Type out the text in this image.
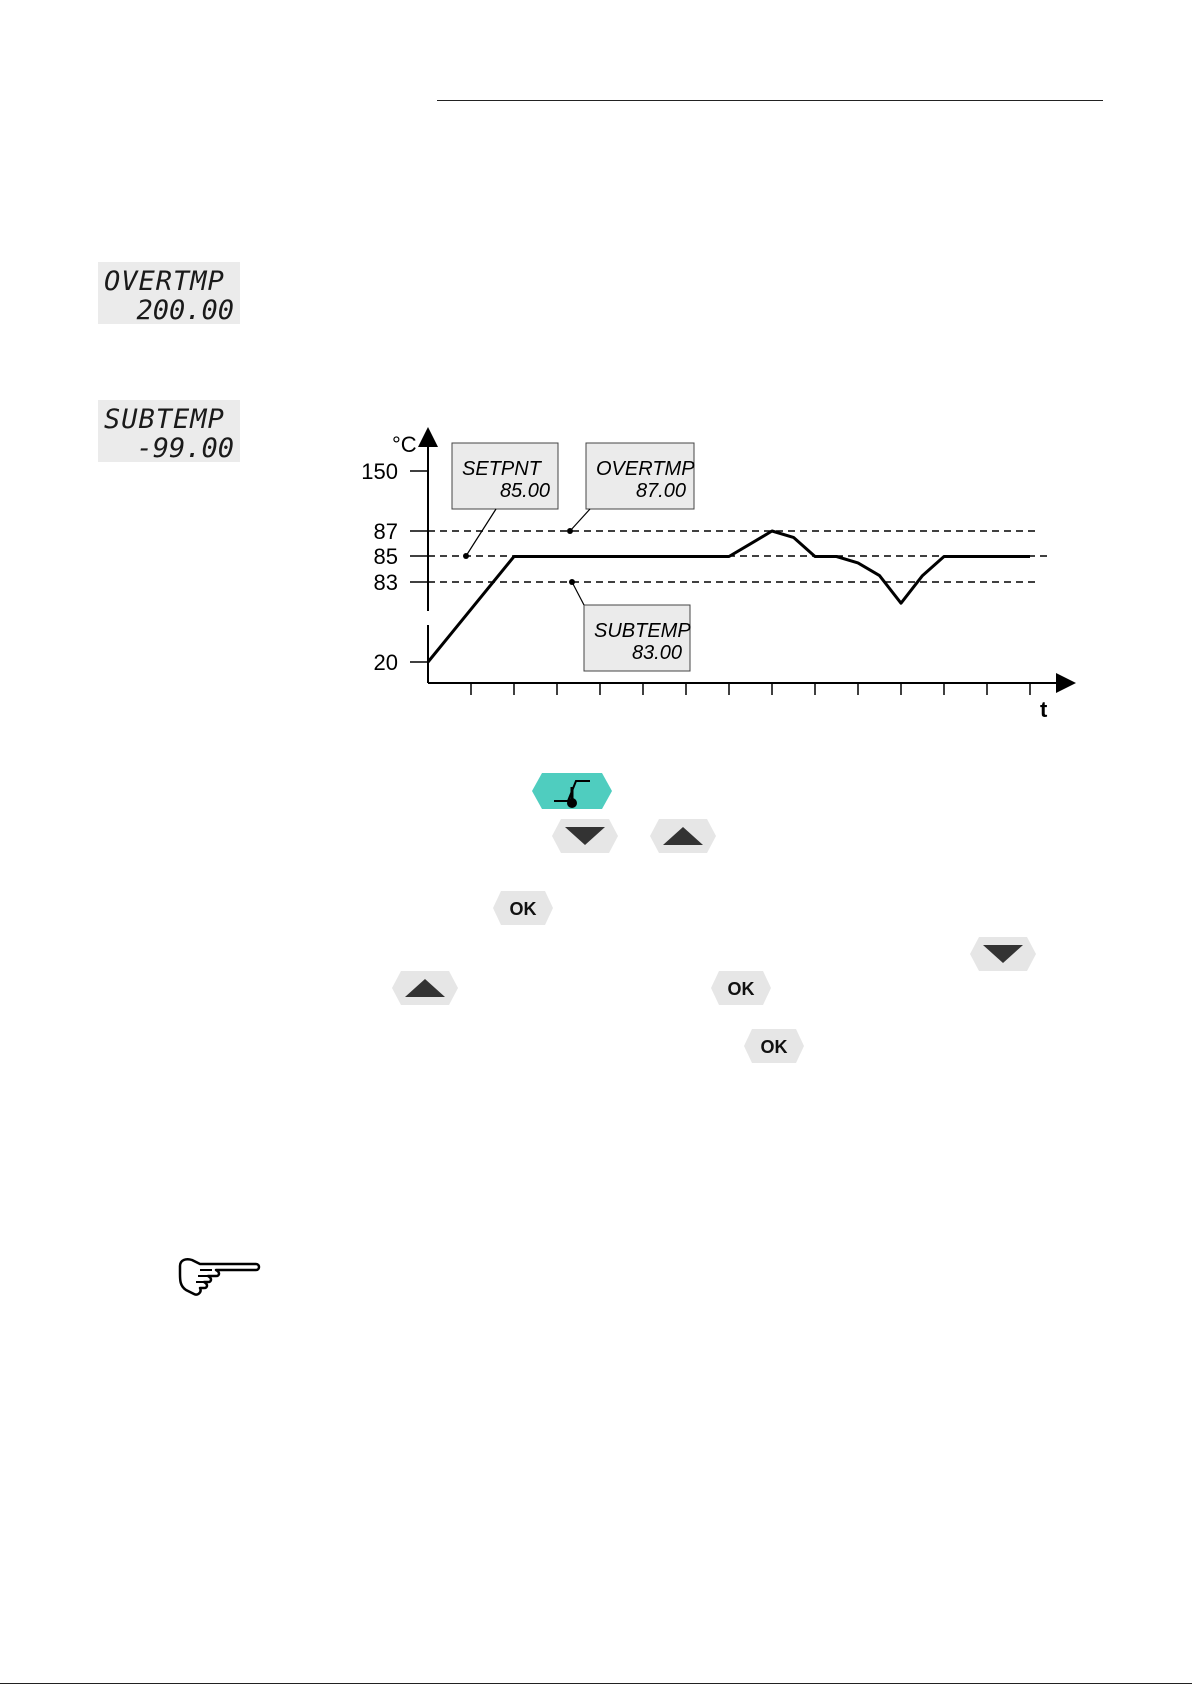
OVERTMP
200.00
SUBTEMP
-99.00
150
87
85
83
20
°C
t
SETPNT
85.00
OVERTMP
87.00
SUBTEMP
83.00
OK
OK
OK
